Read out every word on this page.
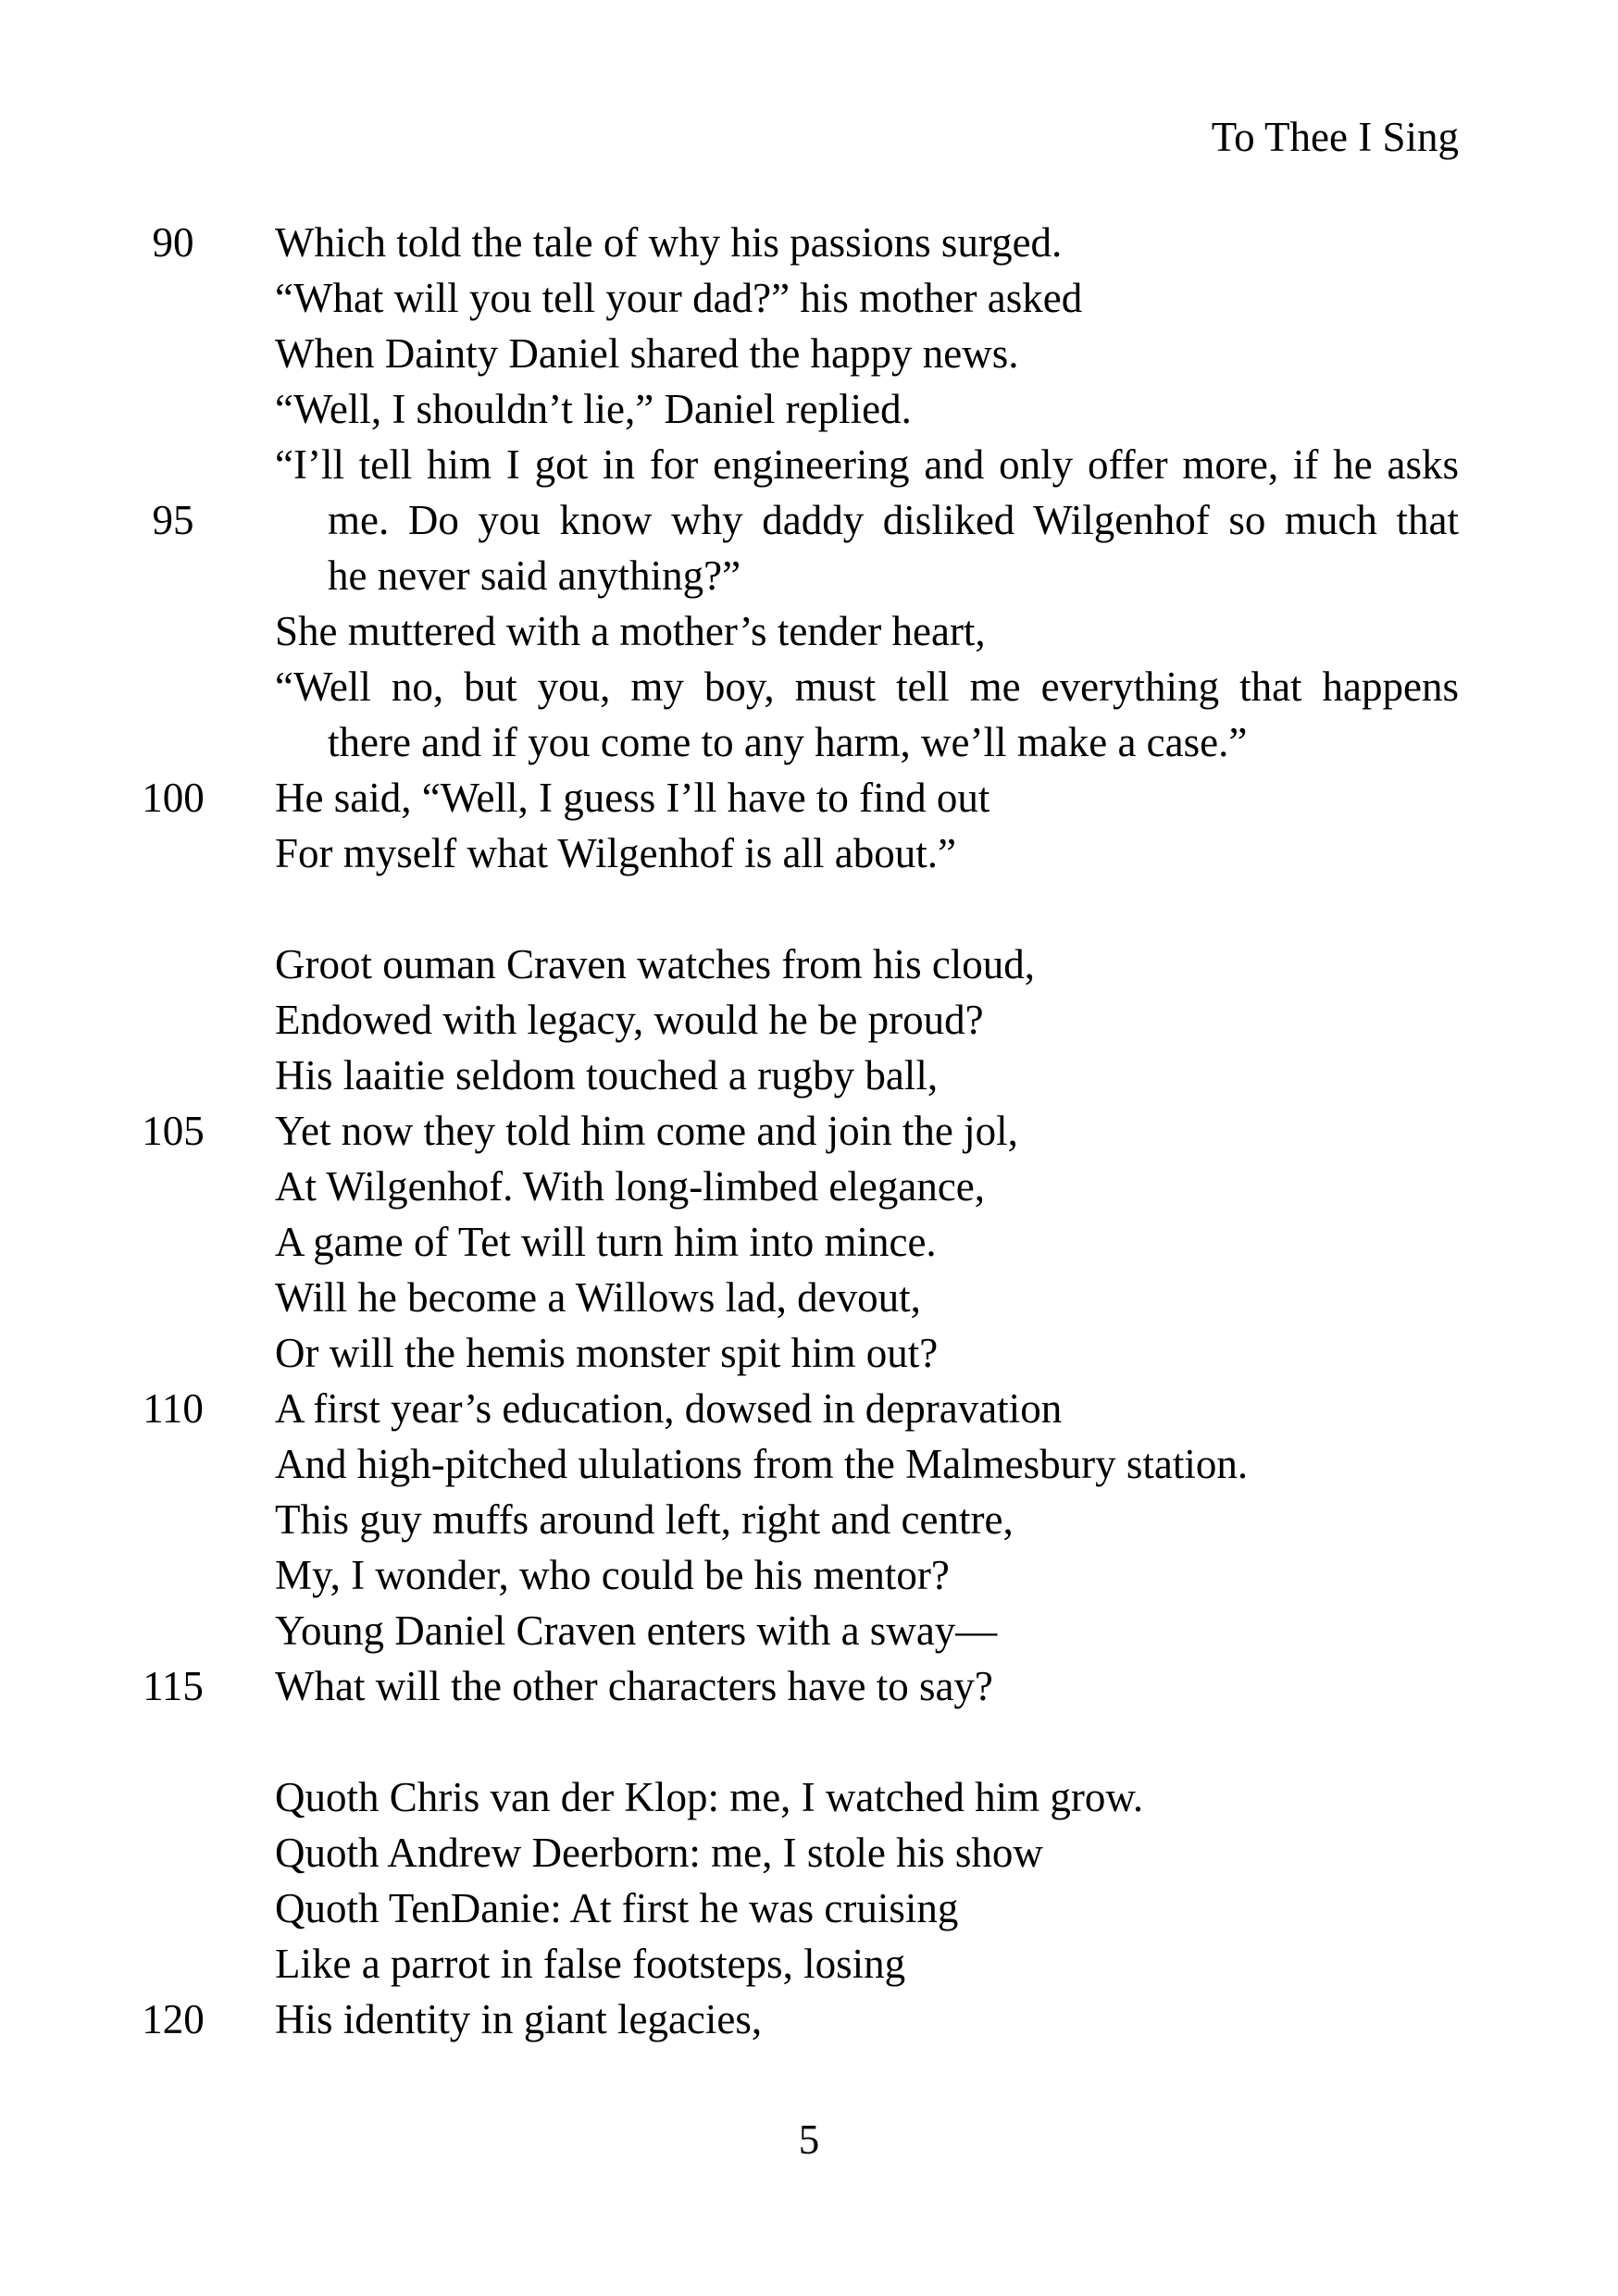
To Thee I Sing
90	Which told the tale of why his passions surged.
“What will you tell your dad?” his mother asked
When Dainty Daniel shared the happy news.
“Well, I shouldn’t lie,” Daniel replied.
“I’ll tell him I got in for engineering and only offer more, if he asks
95	me. Do you know why daddy disliked Wilgenhof so much that
he never said anything?”
She muttered with a mother’s tender heart,
“Well no, but you, my boy, must tell me everything that happens
there and if you come to any harm, we’ll make a case.”
100 He said, “Well, I guess I’ll have to find out
For myself what Wilgenhof is all about.”
Groot ouman Craven watches from his cloud,
Endowed with legacy, would he be proud?
His laaitie seldom touched a rugby ball,
105 Yet now they told him come and join the jol,
At Wilgenhof. With long-limbed elegance,
A game of Tet will turn him into mince.
Will he become a Willows lad, devout,
Or will the hemis monster spit him out?
110 A first year’s education, dowsed in depravation
And high-pitched ululations from the Malmesbury station.
This guy muffs around left, right and centre,
My, I wonder, who could be his mentor?
Young Daniel Craven enters with a sway—
115 What will the other characters have to say?
Quoth Chris van der Klop: me, I watched him grow.
Quoth Andrew Deerborn: me, I stole his show
Quoth TenDanie: At first he was cruising
Like a parrot in false footsteps, losing
120 His identity in giant legacies,
5
